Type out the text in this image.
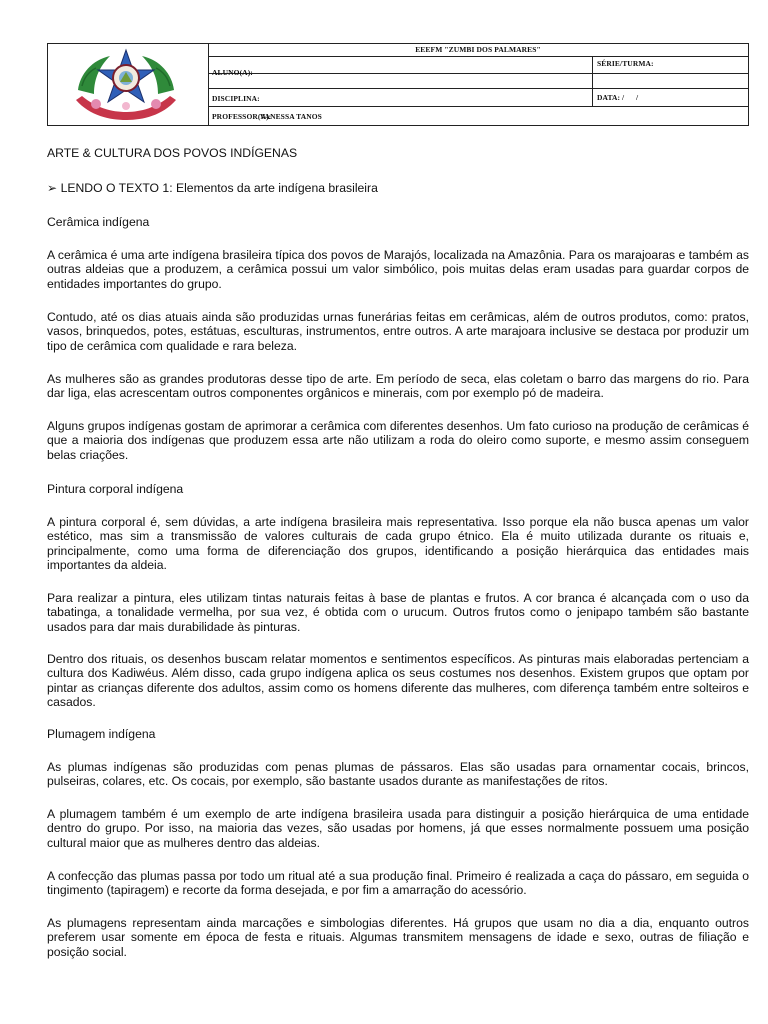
EEEFM "ZUMBI DOS PALMARES"
ALUNO(A):
SÉRIE/TURMA:
DISCIPLINA:	DATA: /      /
PROFESSOR(A):
VANESSA TANOS
ARTE & CULTURA DOS POVOS INDÍGENAS
➢ LENDO O TEXTO 1: Elementos da arte indígena brasileira
Cerâmica indígena
A cerâmica é uma arte indígena brasileira típica dos povos de Marajós, localizada na Amazônia. Para os marajoaras e também as outras aldeias que a produzem, a cerâmica possui um valor simbólico, pois muitas delas eram usadas para guardar corpos de entidades importantes do grupo.
Contudo, até os dias atuais ainda são produzidas urnas funerárias feitas em cerâmicas, além de outros produtos, como: pratos, vasos, brinquedos, potes, estátuas, esculturas, instrumentos, entre outros. A arte marajoara inclusive se destaca por produzir um tipo de cerâmica com qualidade e rara beleza.
As mulheres são as grandes produtoras desse tipo de arte. Em período de seca, elas coletam o barro das margens do rio. Para dar liga, elas acrescentam outros componentes orgânicos e minerais, com por exemplo pó de madeira.
Alguns grupos indígenas gostam de aprimorar a cerâmica com diferentes desenhos. Um fato curioso na produção de cerâmicas é que a maioria dos indígenas que produzem essa arte não utilizam a roda do oleiro como suporte, e mesmo assim conseguem belas criações.
Pintura corporal indígena
A pintura corporal é, sem dúvidas, a arte indígena brasileira mais representativa. Isso porque ela não busca apenas um valor estético, mas sim a transmissão de valores culturais de cada grupo étnico. Ela é muito utilizada durante os rituais e, principalmente, como uma forma de diferenciação dos grupos, identificando a posição hierárquica das entidades mais importantes da aldeia.
Para realizar a pintura, eles utilizam tintas naturais feitas à base de plantas e frutos. A cor branca é alcançada com o uso da tabatinga, a tonalidade vermelha, por sua vez, é obtida com o urucum. Outros frutos como o jenipapo também são bastante usados para dar mais durabilidade às pinturas.
Dentro dos rituais, os desenhos buscam relatar momentos e sentimentos específicos. As pinturas mais elaboradas pertenciam a cultura dos Kadiwéus. Além disso, cada grupo indígena aplica os seus costumes nos desenhos. Existem grupos que optam por pintar as crianças diferente dos adultos, assim como os homens diferente das mulheres, com diferença também entre solteiros e casados.
Plumagem indígena
As plumas indígenas são produzidas com penas plumas de pássaros. Elas são usadas para ornamentar cocais, brincos, pulseiras, colares, etc. Os cocais, por exemplo, são bastante usados durante as manifestações de ritos.
A plumagem também é um exemplo de arte indígena brasileira usada para distinguir a posição hierárquica de uma entidade dentro do grupo. Por isso, na maioria das vezes, são usadas por homens, já que esses normalmente possuem uma posição cultural maior que as mulheres dentro das aldeias.
A confecção das plumas passa por todo um ritual até a sua produção final. Primeiro é realizada a caça do pássaro, em seguida o tingimento (tapiragem) e recorte da forma desejada, e por fim a amarração do acessório.
As plumagens representam ainda marcações e simbologias diferentes. Há grupos que usam no dia a dia, enquanto outros preferem usar somente em época de festa e rituais. Algumas transmitem mensagens de idade e sexo, outras de filiação e posição social.
